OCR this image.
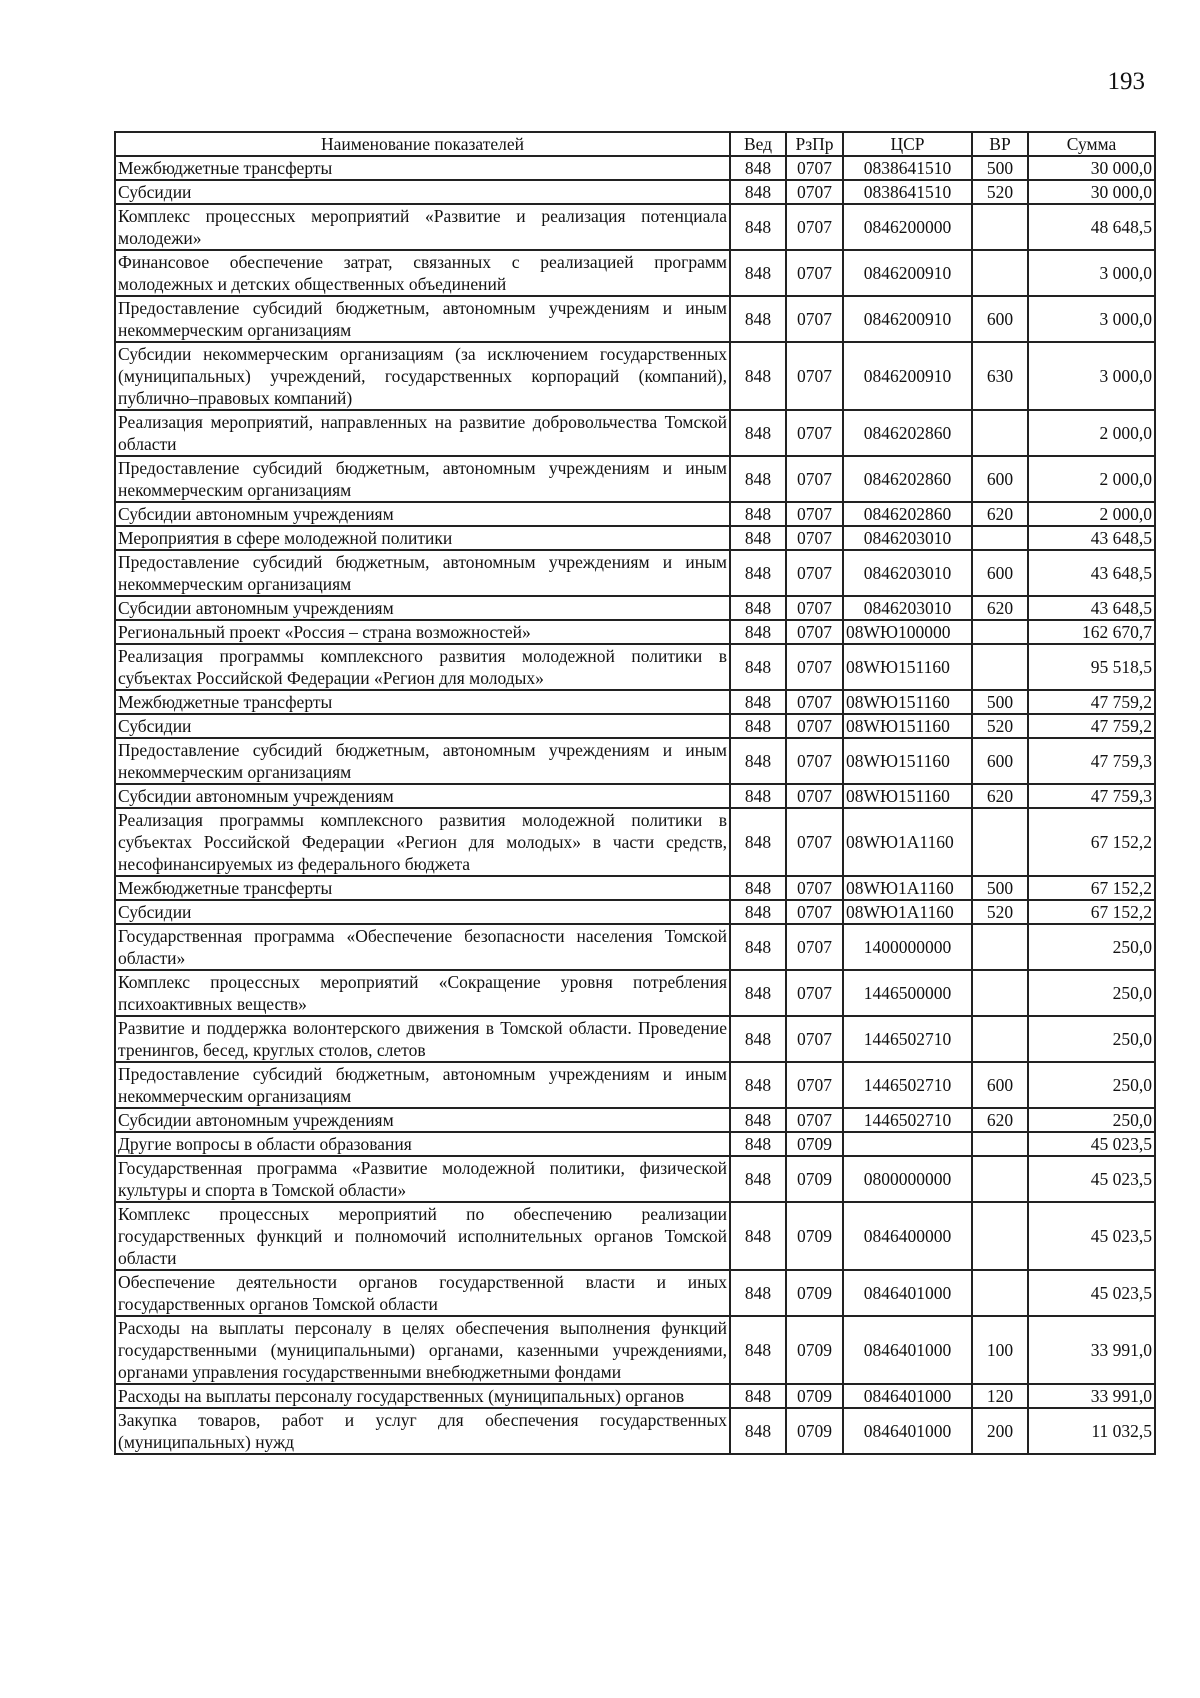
193
Наименование показателей	Вед	РзПр	ЦСР	ВР	Сумма
Межбюджетные трансферты	848	0707	0838641510	500	30 000,0
Субсидии	848	0707	0838641510	520	30 000,0
Комплекс процессных мероприятий «Развитие и реализация потенциала молодежи»	848	0707	0846200000		48 648,5
Финансовое обеспечение затрат, связанных с реализацией программ молодежных и детских общественных объединений	848	0707	0846200910		3 000,0
Предоставление субсидий бюджетным, автономным учреждениям и иным некоммерческим организациям	848	0707	0846200910	600	3 000,0
Субсидии некоммерческим организациям (за исключением государственных (муниципальных) учреждений, государственных корпораций (компаний), публично–правовых компаний)	848	0707	0846200910	630	3 000,0
Реализация мероприятий, направленных на развитие добровольчества Томской области	848	0707	0846202860		2 000,0
Предоставление субсидий бюджетным, автономным учреждениям и иным некоммерческим организациям	848	0707	0846202860	600	2 000,0
Субсидии автономным учреждениям	848	0707	0846202860	620	2 000,0
Мероприятия в сфере молодежной политики	848	0707	0846203010		43 648,5
Предоставление субсидий бюджетным, автономным учреждениям и иным некоммерческим организациям	848	0707	0846203010	600	43 648,5
Субсидии автономным учреждениям	848	0707	0846203010	620	43 648,5
Региональный проект «Россия – страна возможностей»	848	0707	08WЮ100000		162 670,7
Реализация программы комплексного развития молодежной политики в субъектах Российской Федерации «Регион для молодых»	848	0707	08WЮ151160		95 518,5
Межбюджетные трансферты	848	0707	08WЮ151160	500	47 759,2
Субсидии	848	0707	08WЮ151160	520	47 759,2
Предоставление субсидий бюджетным, автономным учреждениям и иным некоммерческим организациям	848	0707	08WЮ151160	600	47 759,3
Субсидии автономным учреждениям	848	0707	08WЮ151160	620	47 759,3
Реализация программы комплексного развития молодежной политики в субъектах Российской Федерации «Регион для молодых» в части средств, несофинансируемых из федерального бюджета	848	0707	08WЮ1A1160		67 152,2
Межбюджетные трансферты	848	0707	08WЮ1A1160	500	67 152,2
Субсидии	848	0707	08WЮ1A1160	520	67 152,2
Государственная программа «Обеспечение безопасности населения Томской области»	848	0707	1400000000		250,0
Комплекс процессных мероприятий «Сокращение уровня потребления психоактивных веществ»	848	0707	1446500000		250,0
Развитие и поддержка волонтерского движения в Томской области. Проведение тренингов, бесед, круглых столов, слетов	848	0707	1446502710		250,0
Предоставление субсидий бюджетным, автономным учреждениям и иным некоммерческим организациям	848	0707	1446502710	600	250,0
Субсидии автономным учреждениям	848	0707	1446502710	620	250,0
Другие вопросы в области образования	848	0709			45 023,5
Государственная программа «Развитие молодежной политики, физической культуры и спорта в Томской области»	848	0709	0800000000		45 023,5
Комплекс процессных мероприятий по обеспечению реализации государственных функций и полномочий исполнительных органов Томской области	848	0709	0846400000		45 023,5
Обеспечение деятельности органов государственной власти и иных государственных органов Томской области	848	0709	0846401000		45 023,5
Расходы на выплаты персоналу в целях обеспечения выполнения функций государственными (муниципальными) органами, казенными учреждениями, органами управления государственными внебюджетными фондами	848	0709	0846401000	100	33 991,0
Расходы на выплаты персоналу государственных (муниципальных) органов	848	0709	0846401000	120	33 991,0
Закупка товаров, работ и услуг для обеспечения государственных (муниципальных) нужд	848	0709	0846401000	200	11 032,5
